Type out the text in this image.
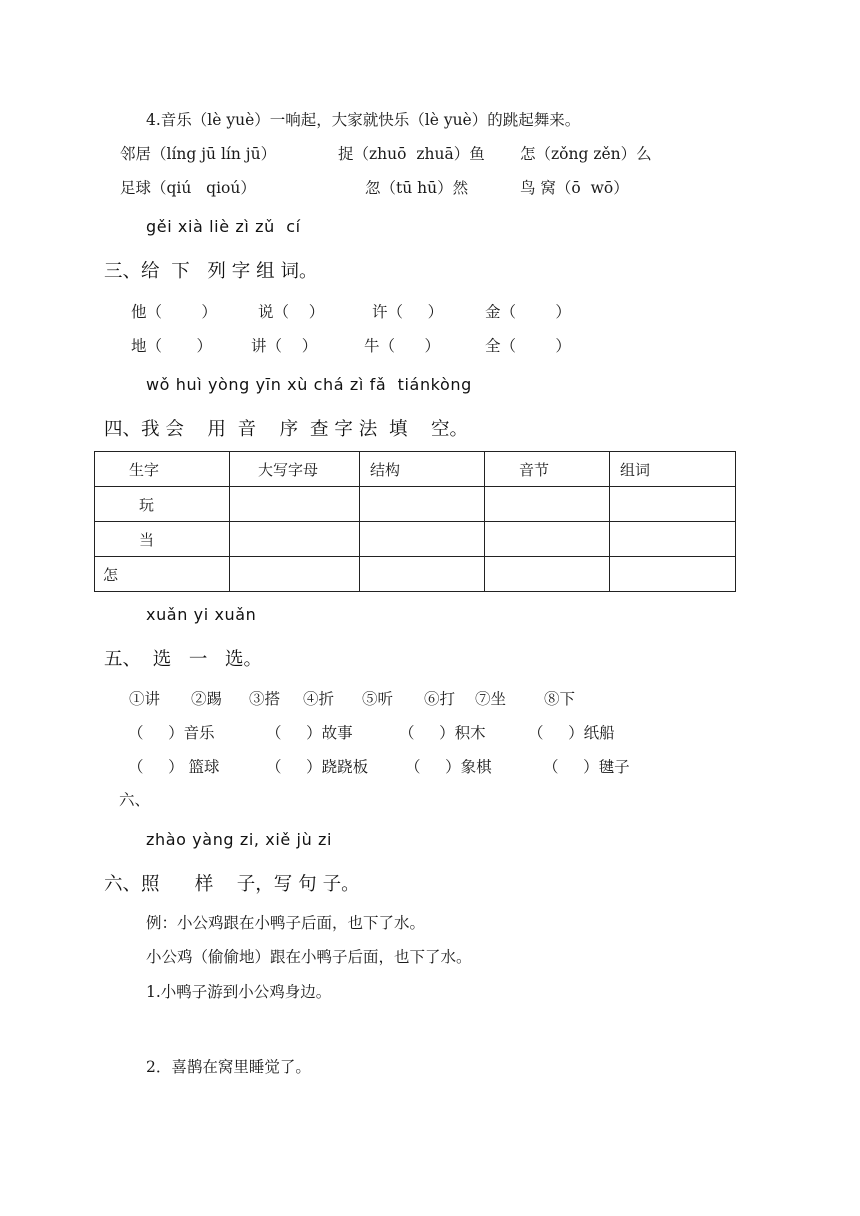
4.音乐（lè yuè）一响起，大家就快乐（lè yuè）的跳起舞来。
邻居（líng jū lín jū）	捉（zhuō  zhuā）鱼 怎（zǒng zěn）么
足球（qiú   qioú）	忽（tū hū）然	鸟 窝（ō  wō）
gěi xià liè zì zǔ  cí
三、给  下   列 字 组 词。
他（        ）	说（    ）	许（     ）	金（        ）
地（       ）	讲（    ）	牛（      ）	全（        ）
wǒ huì yòng yīn xù chá zì fǎ  tiánkòng
四、我 会    用  音    序  查 字 法  填    空。
生字	大写字母	结构	音节	组词
玩				
当				
怎				
xuǎn yi xuǎn
五、  选   一   选。
①讲 ②踢 ③搭 ④折 ⑤听 ⑥打 ⑦坐 ⑧下
（     ）音乐	（     ）故事	（     ）积木	（     ）纸船
（     ） 篮球	（     ）跷跷板 （     ）象棋	（     ）毽子
六、
zhào yàng zi, xiě jù zi
六、照      样    子，写 句 子。
例：小公鸡跟在小鸭子后面，也下了水。
小公鸡（偷偷地）跟在小鸭子后面，也下了水。
1.小鸭子游到小公鸡身边。
2．喜鹊在窝里睡觉了。
